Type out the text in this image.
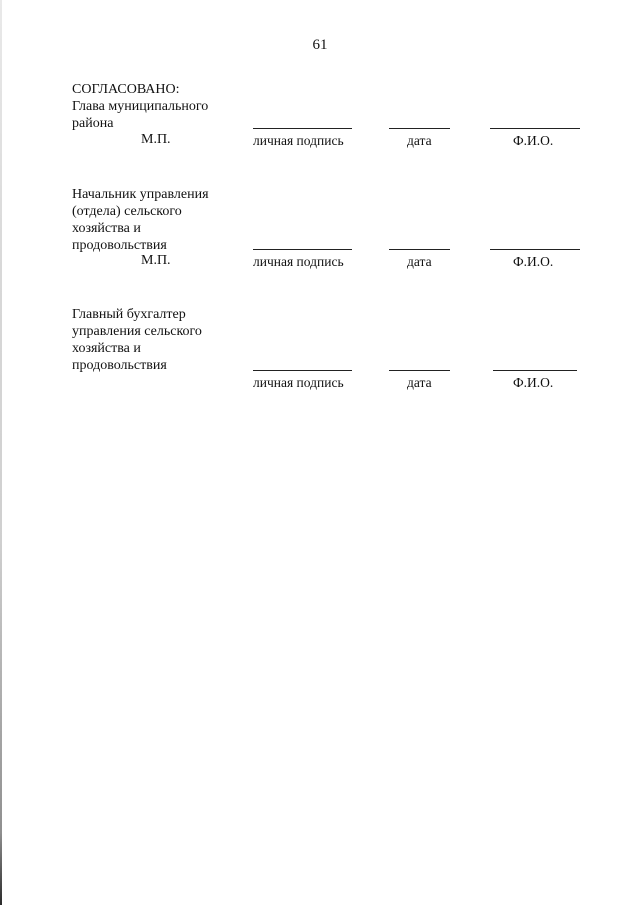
61
СОГЛАСОВАНО:
Глава муниципального
района
М.П.	личная подпись	дата	Ф.И.О.
Начальник управления
(отдела) сельского
хозяйства и
продовольствия
М.П.	личная подпись	дата	Ф.И.О.
Главный бухгалтер
управления сельского
хозяйства и
продовольствия
личная подпись	дата	Ф.И.О.
